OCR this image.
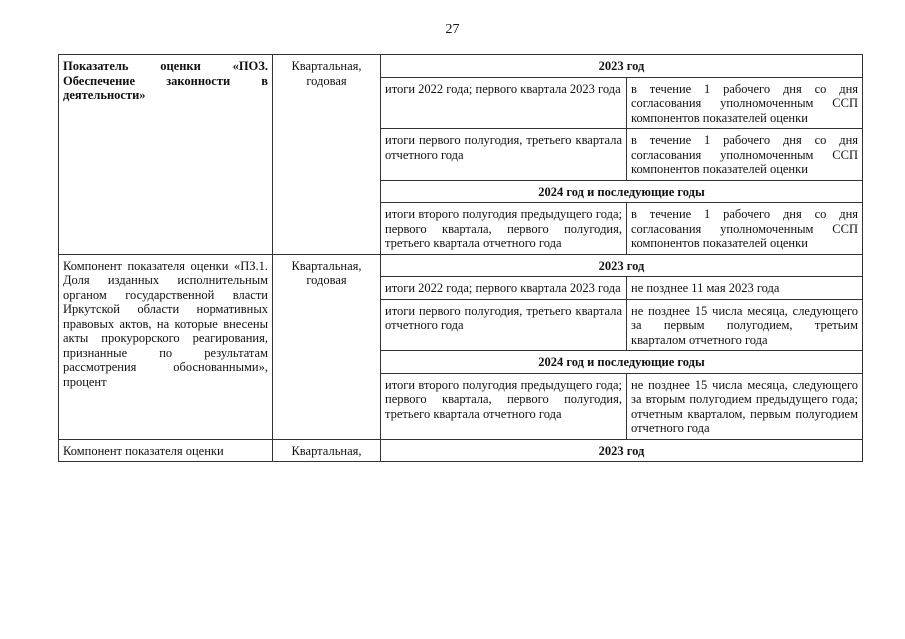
27
Показатель оценки «ПОЗ. Обеспечение законности в деятельности»	Квартальная, годовая	2023 год	
		итоги 2022 года; первого квартала 2023 года	в течение 1 рабочего дня со дня согласования уполномоченным ССП компонентов показателей оценки
		итоги первого полугодия, третьего квартала отчетного года	в течение 1 рабочего дня со дня согласования уполномоченным ССП компонентов показателей оценки
		2024 год и последующие годы	
		итоги второго полугодия предыдущего года; первого квартала, первого полугодия, третьего квартала отчетного года	в течение 1 рабочего дня со дня согласования уполномоченным ССП компонентов показателей оценки

Компонент показателя оценки «ПЗ.1. Доля изданных исполнительным органом государственной власти Иркутской области нормативных правовых актов, на которые внесены акты прокурорского реагирования, признанные по результатам рассмотрения обоснованными», процент	Квартальная, годовая	2023 год	
		итоги 2022 года; первого квартала 2023 года	не позднее 11 мая 2023 года
		итоги первого полугодия, третьего квартала отчетного года	не позднее 15 числа месяца, следующего за первым полугодием, третьим кварталом отчетного года
		2024 год и последующие годы	
		итоги второго полугодия предыдущего года; первого квартала, первого полугодия, третьего квартала отчетного года	не позднее 15 числа месяца, следующего за вторым полугодием предыдущего года; отчетным кварталом, первым полугодием отчетного года
Компонент показателя оценки	Квартальная,	2023 год	
